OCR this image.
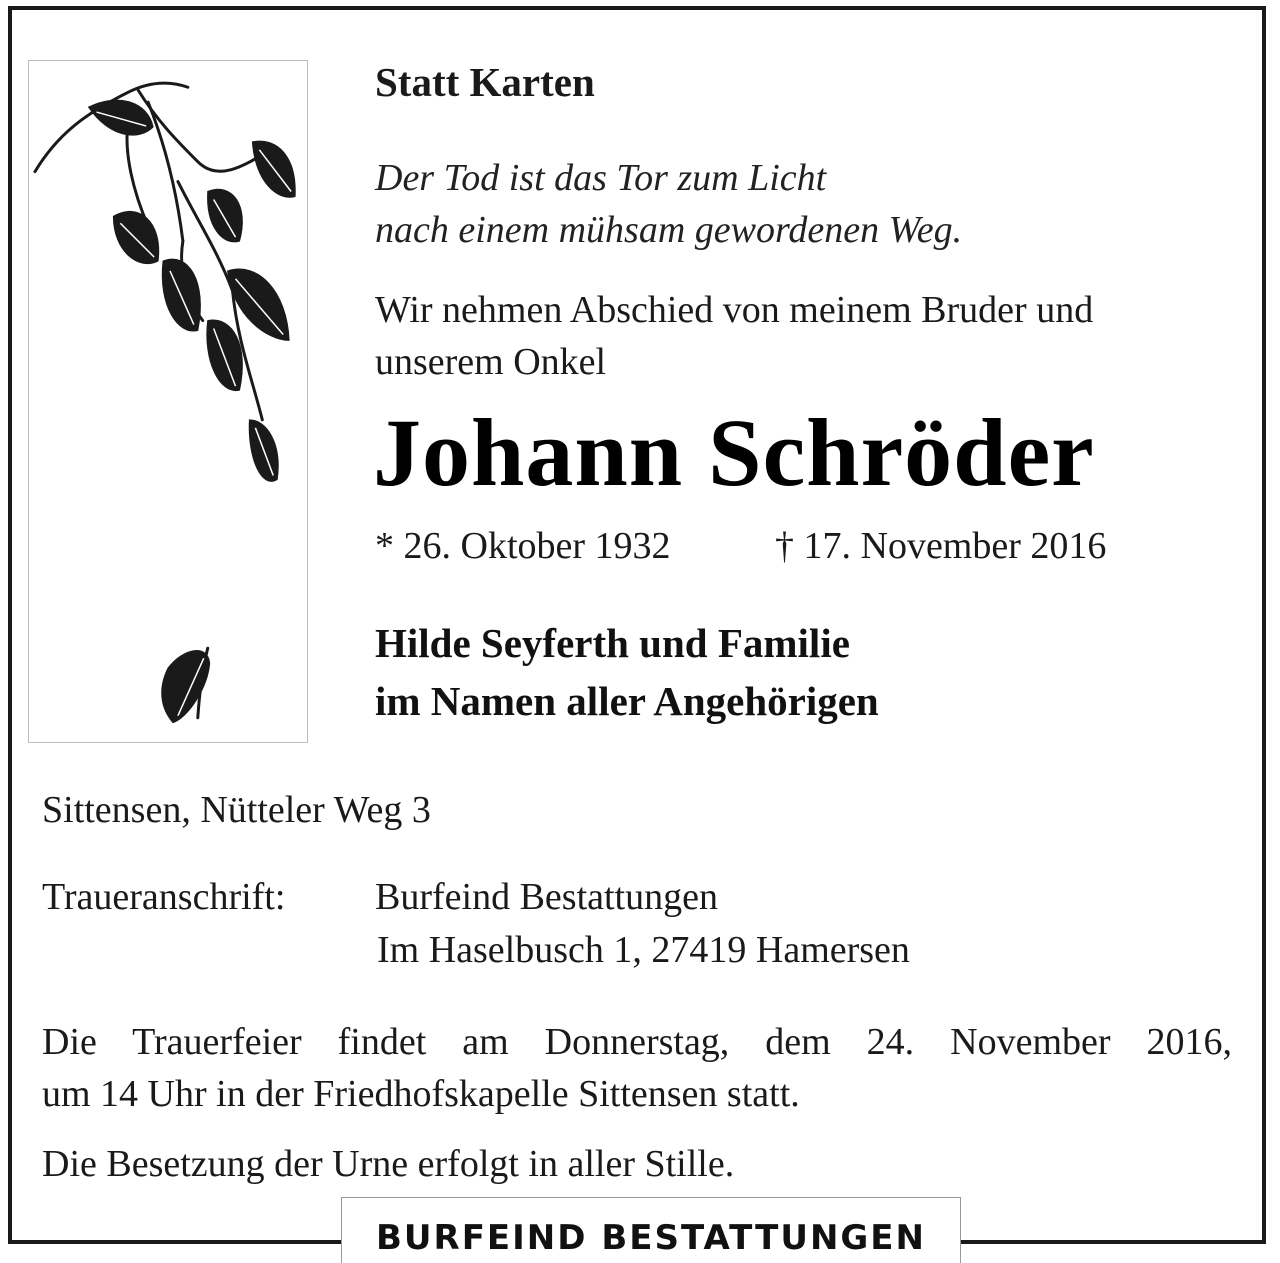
Statt Karten

Der Tod ist das Tor zum Licht
nach einem mühsam gewordenen Weg.

Wir nehmen Abschied von meinem Bruder und
unserem Onkel

Johann Schröder

* 26. Oktober 1932	† 17. November 2016

Hilde Seyferth und Familie
im Namen aller Angehörigen

Sittensen, Nütteler Weg 3

Traueranschrift: Burfeind Bestattungen

Im Haselbusch 1, 27419 Hamersen

Die Trauerfeier findet am Donnerstag, dem 24. November 2016,
um 14 Uhr in der Friedhofskapelle Sittensen statt.

Die Besetzung der Urne erfolgt in aller Stille.

BURFEIND BESTATTUNGEN
